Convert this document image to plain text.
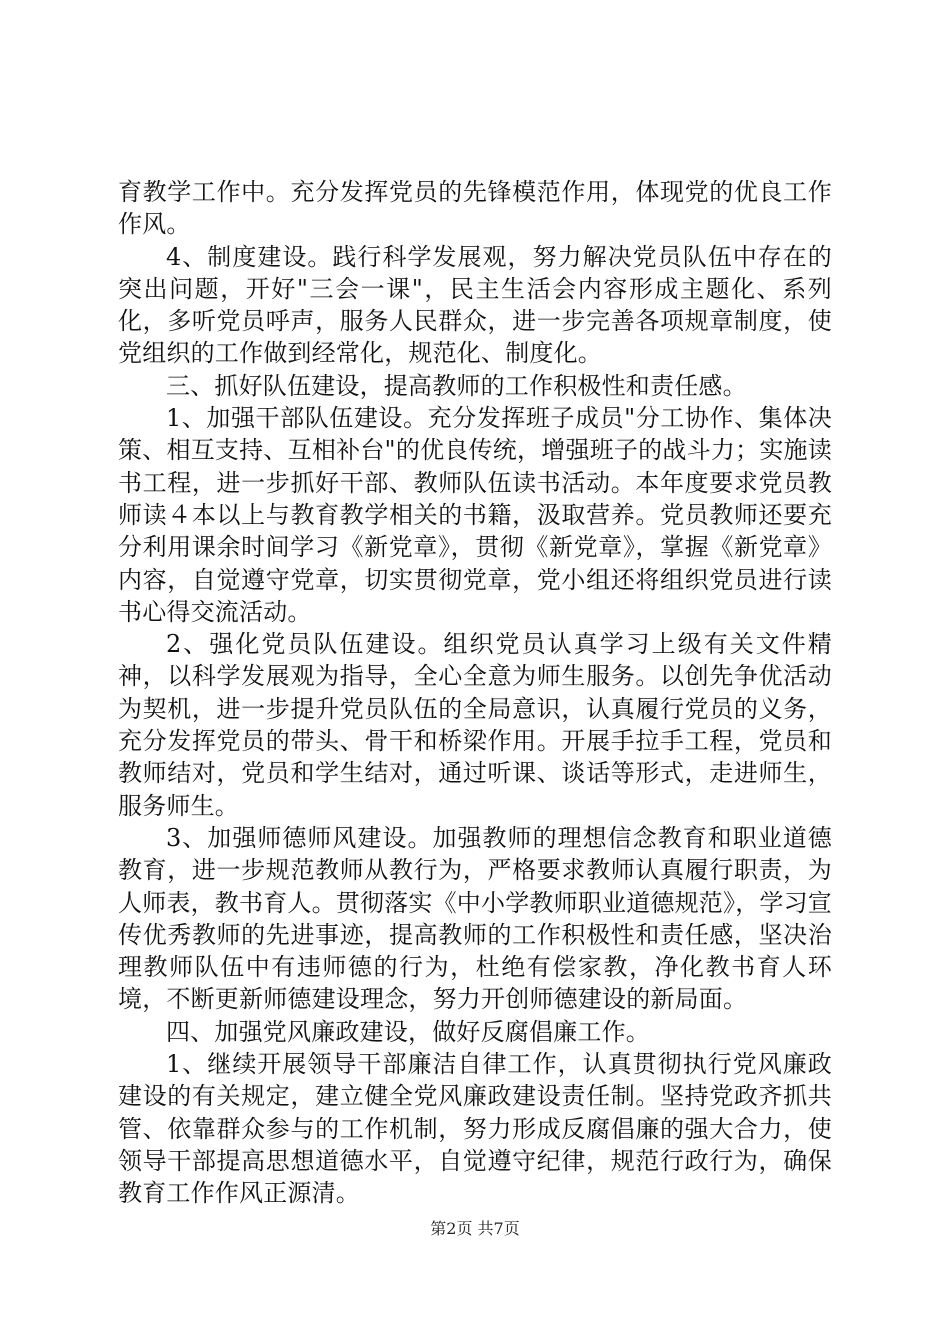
育教学工作中。充分发挥党员的先锋模范作用，体现党的优良工作作风。

4、制度建设。践行科学发展观，努力解决党员队伍中存在的突出问题，开好"三会一课"，民主生活会内容形成主题化、系列化，多听党员呼声，服务人民群众，进一步完善各项规章制度，使党组织的工作做到经常化，规范化、制度化。

三、抓好队伍建设，提高教师的工作积极性和责任感。

1、加强干部队伍建设。充分发挥班子成员"分工协作、集体决策、相互支持、互相补台"的优良传统，增强班子的战斗力；实施读书工程，进一步抓好干部、教师队伍读书活动。本年度要求党员教师读４本以上与教育教学相关的书籍，汲取营养。党员教师还要充分利用课余时间学习《新党章》，贯彻《新党章》，掌握《新党章》内容，自觉遵守党章，切实贯彻党章，党小组还将组织党员进行读书心得交流活动。

2、强化党员队伍建设。组织党员认真学习上级有关文件精神，以科学发展观为指导，全心全意为师生服务。以创先争优活动为契机，进一步提升党员队伍的全局意识，认真履行党员的义务，充分发挥党员的带头、骨干和桥梁作用。开展手拉手工程，党员和教师结对，党员和学生结对，通过听课、谈话等形式，走进师生，服务师生。

3、加强师德师风建设。加强教师的理想信念教育和职业道德教育，进一步规范教师从教行为，严格要求教师认真履行职责，为人师表，教书育人。贯彻落实《中小学教师职业道德规范》，学习宣传优秀教师的先进事迹，提高教师的工作积极性和责任感，坚决治理教师队伍中有违师德的行为，杜绝有偿家教，净化教书育人环境，不断更新师德建设理念，努力开创师德建设的新局面。

四、加强党风廉政建设，做好反腐倡廉工作。

1、继续开展领导干部廉洁自律工作，认真贯彻执行党风廉政建设的有关规定，建立健全党风廉政建设责任制。坚持党政齐抓共管、依靠群众参与的工作机制，努力形成反腐倡廉的强大合力，使领导干部提高思想道德水平，自觉遵守纪律，规范行政行为，确保教育工作作风正源清。

第2页 共7页
